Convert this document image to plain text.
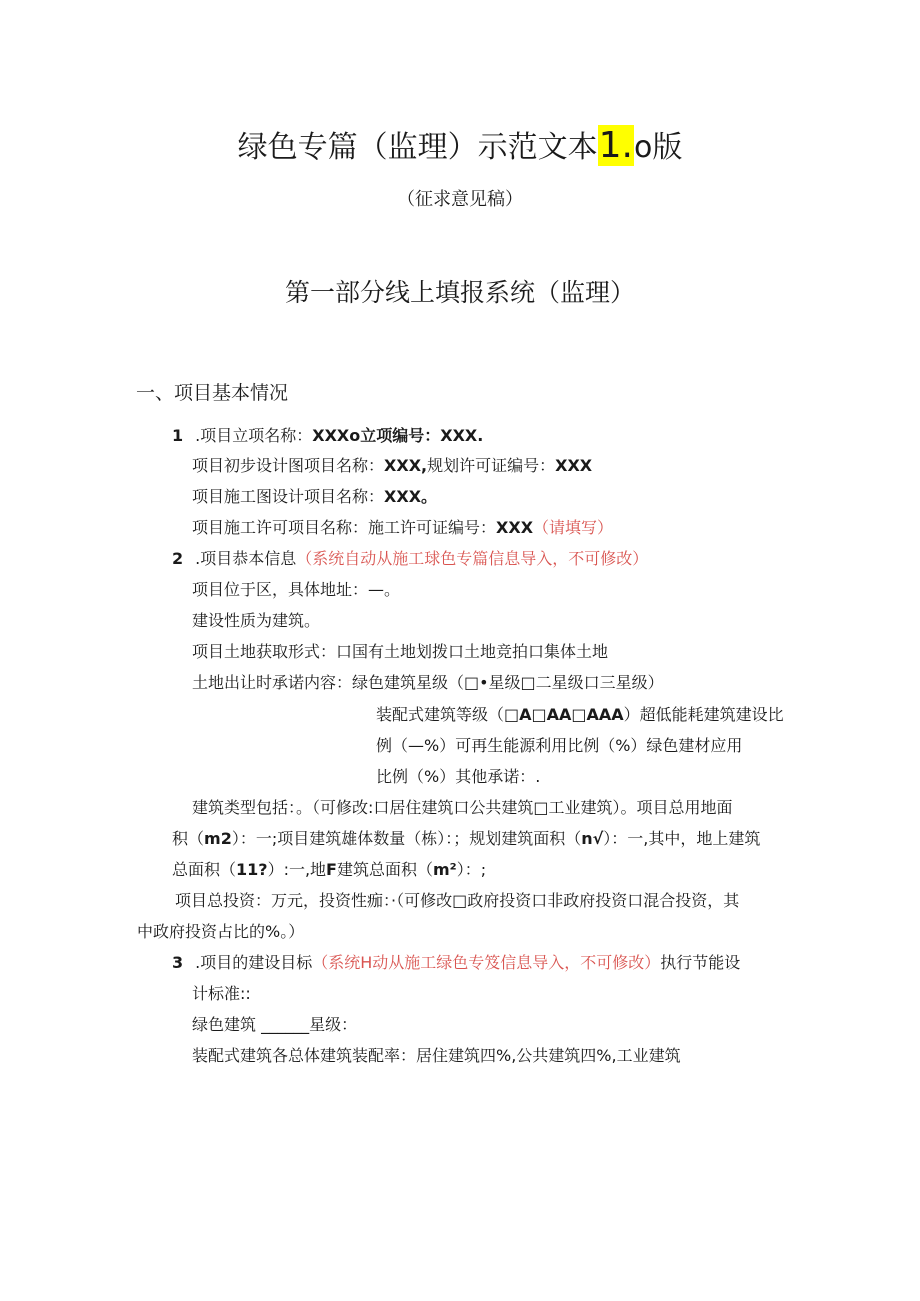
绿色专篇（监理）示范文本1.o版
（征求意见稿）
第一部分线上填报系统（监理）
一、项目基本情况
1 .项目立项名称：XXXo立项编号：XXX.
项目初步设计图项目名称：XXX,规划许可证编号：XXX
项目施工图设计项目名称：XXX。
项目施工许可项目名称：施工许可证编号：XXX（请填写）
2 .项目恭本信息（系统自动从施工球色专篇信息导入，不可修改）
项目位于区，具体地址：—。
建设性质为建筑。
项目土地获取形式：口国有土地划拨口土地竞拍口集体土地
土地出让时承诺内容：绿色建筑星级（□•星级□二星级口三星级）
装配式建筑等级（□A□AA□AAA）超低能耗建筑建设比
例（—%）可再生能源利用比例（%）绿色建材应用
比例（%）其他承诺：.
建筑类型包括：。（可修改:口居住建筑口公共建筑□工业建筑）。项目总用地面
积（m2）：一;项目建筑雄体数量（栋）：；规划建筑面积（n√）：一,其中，地上建筑
总面积（11?）:一,地F建筑总面积（m²）：;
项目总投资：万元，投资性痂：·（可修改□政府投资口非政府投资口混合投资，其
中政府投资占比的%。）
3 .项目的建设目标（系统H动从施工绿色专笈信息导入，不可修改）执行节能设
计标准::
绿色建筑 ______星级：
装配式建筑各总体建筑装配率：居住建筑四%,公共建筑四%,工业建筑
